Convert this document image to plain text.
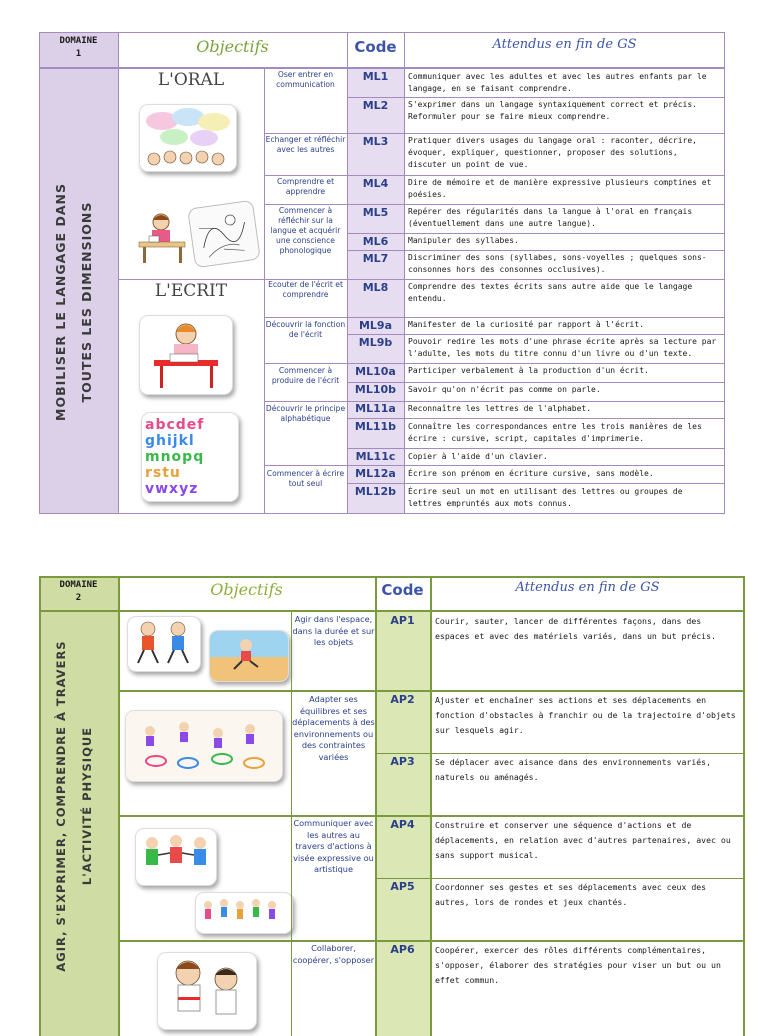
DOMAINE
1	Objectifs	Code	Attendus en fin de GS
MOBILISER LE LANGAGE DANS TOUTES LES DIMENSIONS
L'ORAL
L'ECRIT
abcdef
ghijkl
mnopq
rstu
vwxyz
Oser entrer en communication
Echanger et réfléchir avec les autres
Comprendre et apprendre
Commencer à réfléchir sur la langue et acquérir une conscience phonologique
Ecouter de l'écrit et comprendre
Découvrir la fonction de l'écrit
Commencer à produire de l'écrit
Découvrir le principe alphabétique
Commencer à écrire tout seul
ML1	Communiquer avec les adultes et avec les autres enfants par le langage, en se faisant comprendre.
ML2	S'exprimer dans un langage syntaxiquement correct et précis. Reformuler pour se faire mieux comprendre.
ML3	Pratiquer divers usages du langage oral : raconter, décrire, évoquer, expliquer, questionner, proposer des solutions, discuter un point de vue.
ML4	Dire de mémoire et de manière expressive plusieurs comptines et poésies.
ML5	Repérer des régularités dans la langue à l'oral en français (éventuellement dans une autre langue).
ML6	Manipuler des syllabes.
ML7	Discriminer des sons (syllabes, sons-voyelles ; quelques sons-consonnes hors des consonnes occlusives).
ML8	Comprendre des textes écrits sans autre aide que le langage entendu.
ML9a	Manifester de la curiosité par rapport à l'écrit.
ML9b	Pouvoir redire les mots d'une phrase écrite après sa lecture par l'adulte, les mots du titre connu d'un livre ou d'un texte.
ML10a	Participer verbalement à la production d'un écrit.
ML10b	Savoir qu'on n'écrit pas comme on parle.
ML11a	Reconnaître les lettres de l'alphabet.
ML11b	Connaître les correspondances entre les trois manières de les écrire : cursive, script, capitales d'imprimerie.
ML11c	Copier à l'aide d'un clavier.
ML12a	Écrire son prénom en écriture cursive, sans modèle.
ML12b	Écrire seul un mot en utilisant des lettres ou groupes de lettres empruntés aux mots connus.
DOMAINE
2	Objectifs	Code	Attendus en fin de GS
AGIR, S'EXPRIMER, COMPRENDRE À TRAVERS	L'ACTIVITÉ PHYSIQUE
Agir dans l'espace, dans la durée et sur les objets
Adapter ses équilibres et ses déplacements à des environnements ou des contraintes variées
Communiquer avec les autres au travers d'actions à visée expressive ou artistique
Collaborer, coopérer, s'opposer
AP1	Courir, sauter, lancer de différentes façons, dans des espaces et avec des matériels variés, dans un but précis.
AP2	Ajuster et enchaîner ses actions et ses déplacements en fonction d'obstacles à franchir ou de la trajectoire d'objets sur lesquels agir.
AP3	Se déplacer avec aisance dans des environnements variés, naturels ou aménagés.
AP4	Construire et conserver une séquence d'actions et de déplacements, en relation avec d'autres partenaires, avec ou sans support musical.
AP5	Coordonner ses gestes et ses déplacements avec ceux des autres, lors de rondes et jeux chantés.
AP6	Coopérer, exercer des rôles différents complémentaires, s'opposer, élaborer des stratégies pour viser un but ou un effet commun.
